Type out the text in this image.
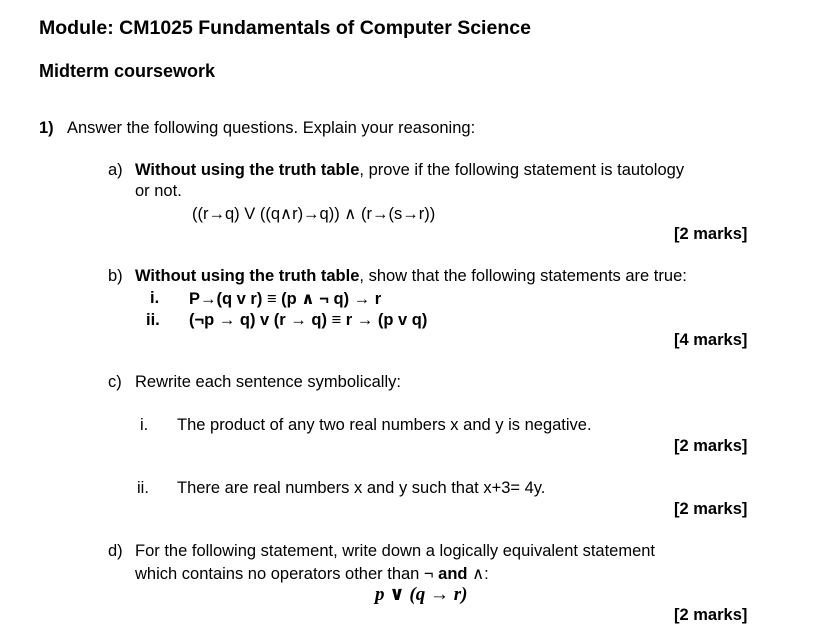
Module: CM1025 Fundamentals of Computer Science
Midterm coursework
1) Answer the following questions. Explain your reasoning:
a) Without using the truth table, prove if the following statement is tautology
or not.
((r→q) V ((q∧r)→q)) ∧ (r→(s→r))
[2 marks]
b) Without using the truth table, show that the following statements are true:
i. P→(q v r) ≡ (p ∧ ¬ q) → r
ii. (¬p → q) v (r → q) ≡ r → (p v q)
[4 marks]
c) Rewrite each sentence symbolically:
i. The product of any two real numbers x and y is negative.
[2 marks]
ii. There are real numbers x and y such that x+3= 4y.
[2 marks]
d) For the following statement, write down a logically equivalent statement
which contains no operators other than ¬ and ∧:
p ∨ (q → r)
[2 marks]
